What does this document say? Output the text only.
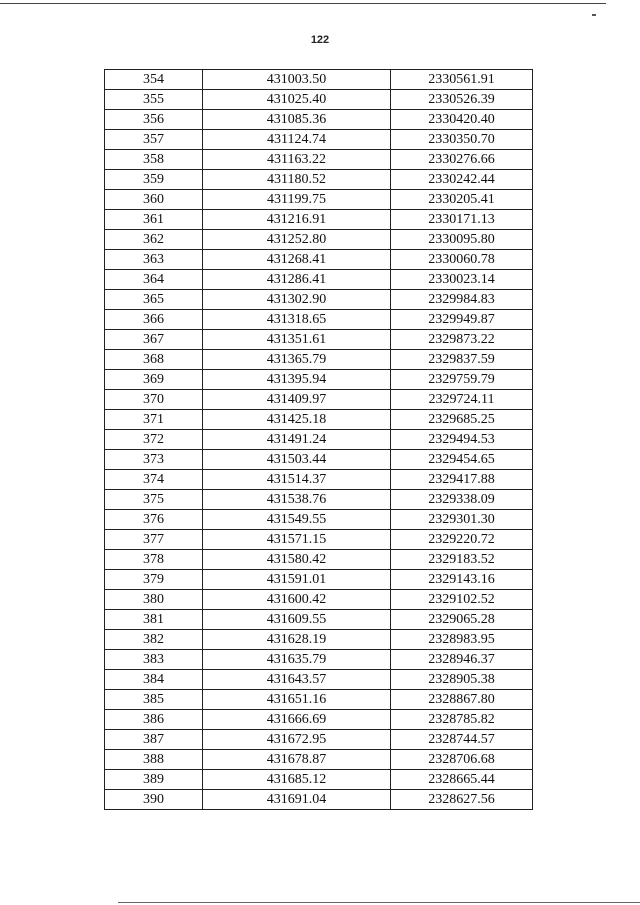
122
354	431003.50	2330561.91
355	431025.40	2330526.39
356	431085.36	2330420.40
357	431124.74	2330350.70
358	431163.22	2330276.66
359	431180.52	2330242.44
360	431199.75	2330205.41
361	431216.91	2330171.13
362	431252.80	2330095.80
363	431268.41	2330060.78
364	431286.41	2330023.14
365	431302.90	2329984.83
366	431318.65	2329949.87
367	431351.61	2329873.22
368	431365.79	2329837.59
369	431395.94	2329759.79
370	431409.97	2329724.11
371	431425.18	2329685.25
372	431491.24	2329494.53
373	431503.44	2329454.65
374	431514.37	2329417.88
375	431538.76	2329338.09
376	431549.55	2329301.30
377	431571.15	2329220.72
378	431580.42	2329183.52
379	431591.01	2329143.16
380	431600.42	2329102.52
381	431609.55	2329065.28
382	431628.19	2328983.95
383	431635.79	2328946.37
384	431643.57	2328905.38
385	431651.16	2328867.80
386	431666.69	2328785.82
387	431672.95	2328744.57
388	431678.87	2328706.68
389	431685.12	2328665.44
390	431691.04	2328627.56
